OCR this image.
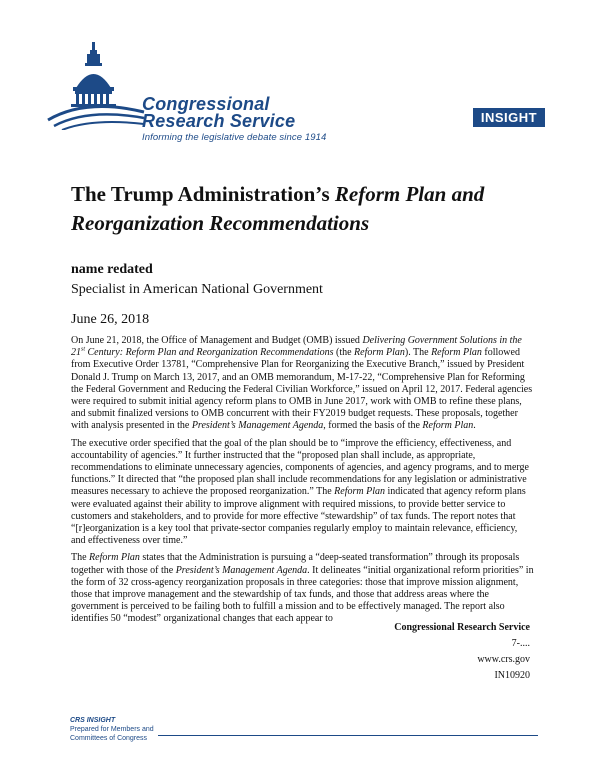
Congressional
Research Service
Informing the legislative debate since 1914
INSIGHT
The Trump Administration’s Reform Plan and
Reorganization Recommendations
name redated
Specialist in American National Government
June 26, 2018

On June 21, 2018, the Office of Management and Budget (OMB) issued Delivering Government Solutions in the 21st Century: Reform Plan and Reorganization Recommendations (the Reform Plan). The Reform Plan followed from Executive Order 13781, “Comprehensive Plan for Reorganizing the Executive Branch,” issued by President Donald J. Trump on March 13, 2017, and an OMB memorandum, M-17-22, “Comprehensive Plan for Reforming the Federal Government and Reducing the Federal Civilian Workforce,” issued on April 12, 2017. Federal agencies were required to submit initial agency reform plans to OMB in June 2017, work with OMB to refine these plans, and submit finalized versions to OMB concurrent with their FY2019 budget requests. These proposals, together with analysis presented in the President’s Management Agenda, formed the basis of the Reform Plan.

The executive order specified that the goal of the plan should be to “improve the efficiency, effectiveness, and accountability of agencies.” It further instructed that the “proposed plan shall include, as appropriate, recommendations to eliminate unnecessary agencies, components of agencies, and agency programs, and to merge functions.” It directed that “the proposed plan shall include recommendations for any legislation or administrative measures necessary to achieve the proposed reorganization.” The Reform Plan indicated that agency reform plans were evaluated against their ability to improve alignment with required missions, to provide better service to customers and stakeholders, and to provide for more effective “stewardship” of tax funds. The report notes that “[r]eorganization is a key tool that private-sector companies regularly employ to maintain relevance, efficiency, and effectiveness over time.”

The Reform Plan states that the Administration is pursuing a “deep-seated transformation” through its proposals together with those of the President’s Management Agenda. It delineates “initial organizational reform priorities” in the form of 32 cross-agency reorganization proposals in three categories: those that improve mission alignment, those that improve management and the stewardship of tax funds, and those that address areas where the government is perceived to be failing both to fulfill a mission and to be effectively managed. The report also identifies 50 “modest” organizational changes that each appear to

Congressional Research Service
7-....
www.crs.gov
IN10920
CRS INSIGHT
Prepared for Members and
Committees of Congress
